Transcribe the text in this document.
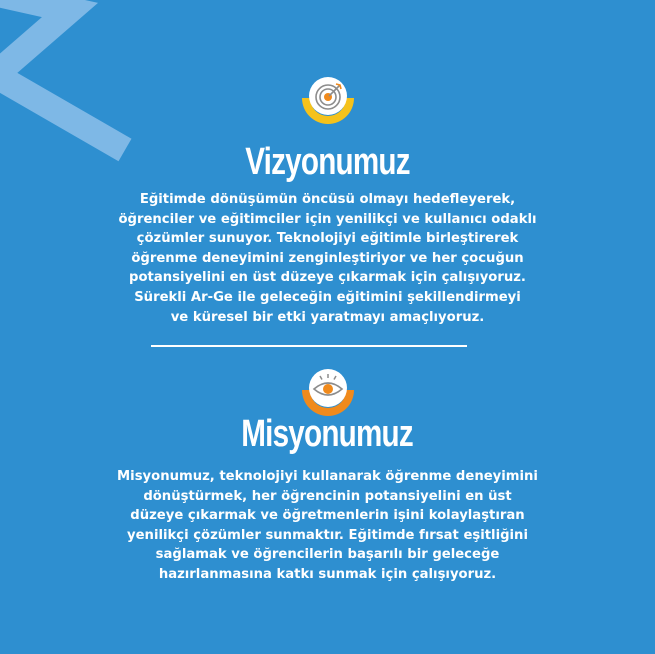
Vizyonumuz

Eğitimde dönüşümün öncüsü olmayı hedefleyerek,

öğrenciler ve eğitimciler için yenilikçi ve kullanıcı odaklı

çözümler sunuyor. Teknolojiyi eğitimle birleştirerek

öğrenme deneyimini zenginleştiriyor ve her çocuğun

potansiyelini en üst düzeye çıkarmak için çalışıyoruz.

Sürekli Ar-Ge ile geleceğin eğitimini şekillendirmeyi

ve küresel bir etki yaratmayı amaçlıyoruz.

Misyonumuz

Misyonumuz, teknolojiyi kullanarak öğrenme deneyimini

dönüştürmek, her öğrencinin potansiyelini en üst

düzeye çıkarmak ve öğretmenlerin işini kolaylaştıran

yenilikçi çözümler sunmaktır. Eğitimde fırsat eşitliğini

sağlamak ve öğrencilerin başarılı bir geleceğe

hazırlanmasına katkı sunmak için çalışıyoruz.
